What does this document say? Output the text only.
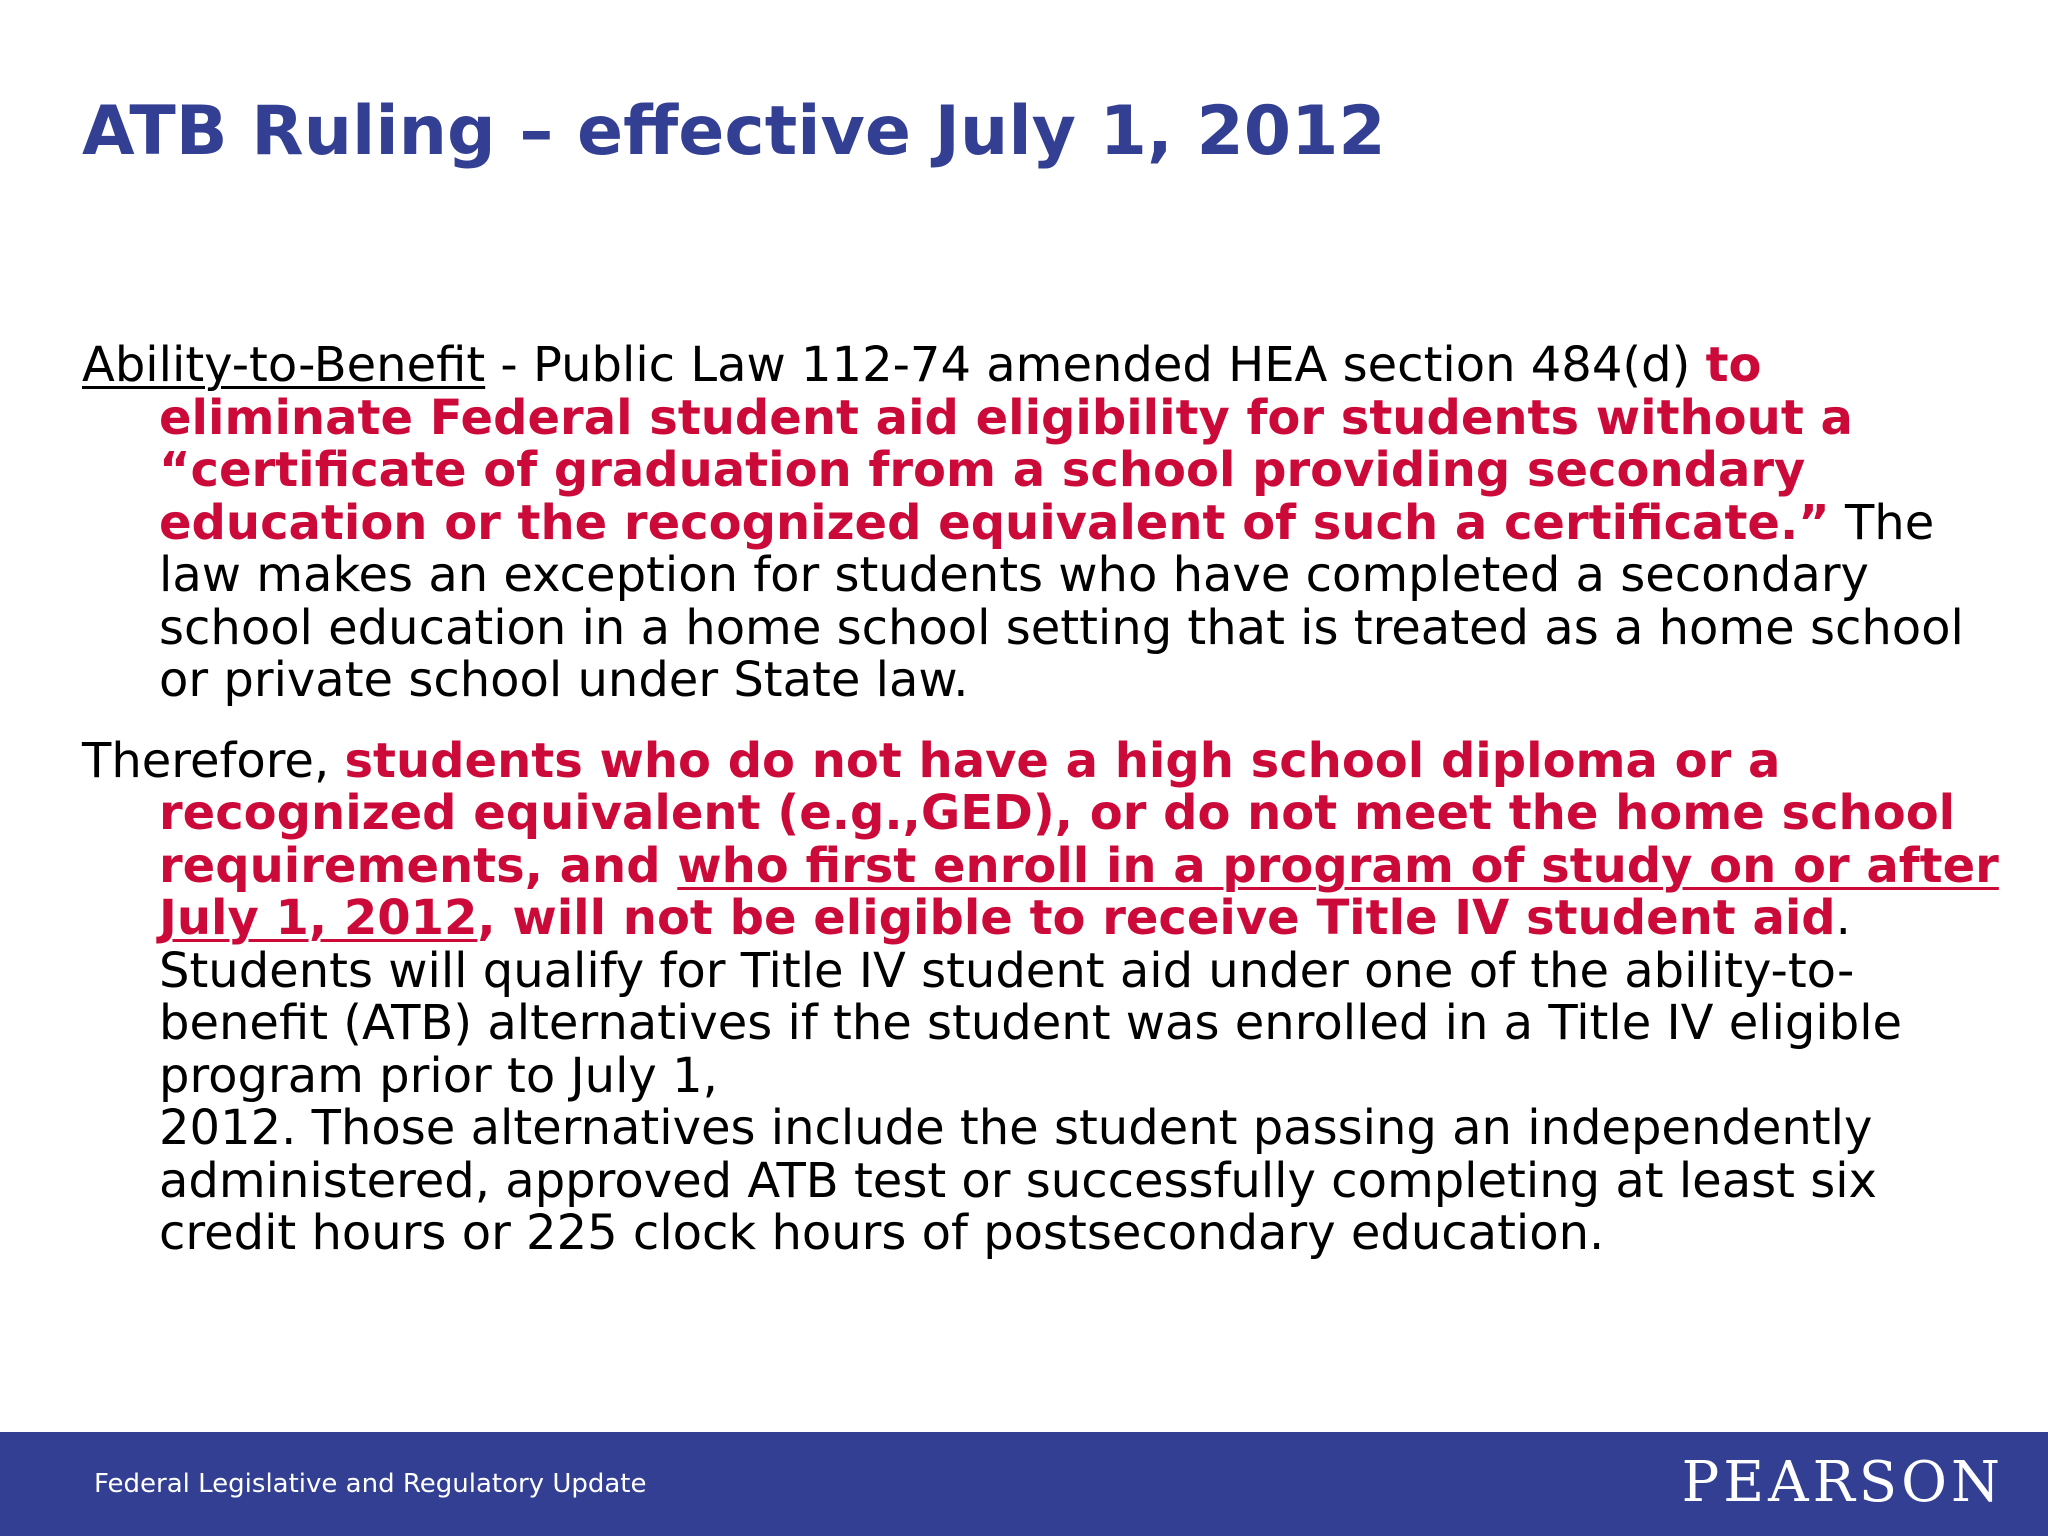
ATB Ruling – effective July 1, 2012

Ability-to-Benefit - Public Law 112-74 amended HEA section 484(d) to eliminate Federal student aid eligibility for students without a “certificate of graduation from a school providing secondary education or the recognized equivalent of such a certificate.” The law makes an exception for students who have completed a secondary school education in a home school setting that is treated as a home school or private school under State law.

Therefore, students who do not have a high school diploma or a recognized equivalent (e.g.,GED), or do not meet the home school requirements, and who first enroll in a program of study on or after July 1, 2012, will not be eligible to receive Title IV student aid. Students will qualify for Title IV student aid under one of the ability-to-benefit (ATB) alternatives if the student was enrolled in a Title IV eligible program prior to July 1,
2012. Those alternatives include the student passing an independently administered, approved ATB test or successfully completing at least six credit hours or 225 clock hours of postsecondary education.

Federal Legislative and Regulatory Update	PEARSON
